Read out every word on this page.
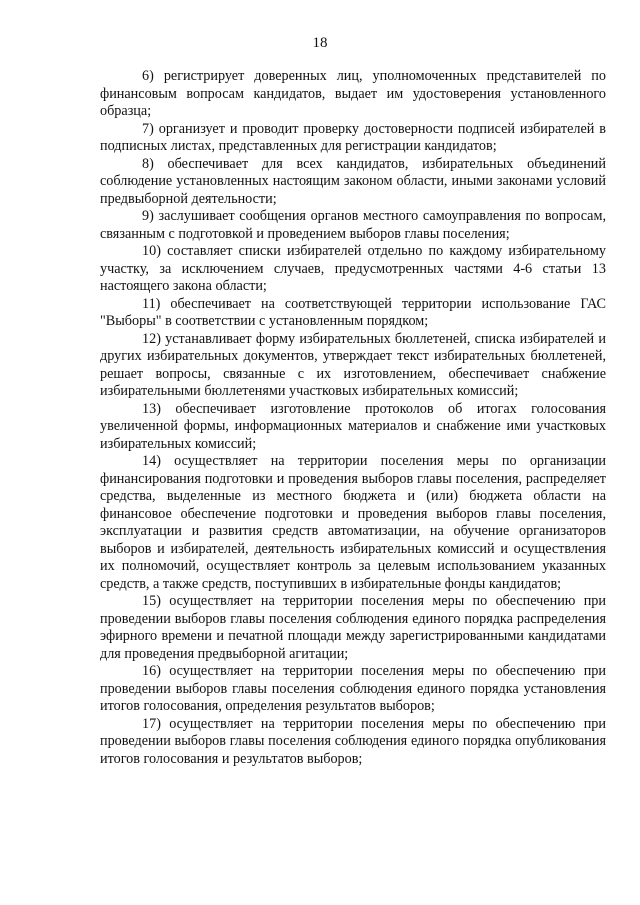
18

6) регистрирует доверенных лиц, уполномоченных представителей по финансовым вопросам кандидатов, выдает им удостоверения установленного образца;

7) организует и проводит проверку достоверности подписей избирателей в подписных листах, представленных для регистрации кандидатов;

8) обеспечивает для всех кандидатов, избирательных объединений соблюдение установленных настоящим законом области, иными законами условий предвыборной деятельности;

9) заслушивает сообщения органов местного самоуправления по вопросам, связанным с подготовкой и проведением выборов главы поселения;

10) составляет списки избирателей отдельно по каждому избирательному участку, за исключением случаев, предусмотренных частями 4-6 статьи 13 настоящего закона области;

11) обеспечивает на соответствующей территории использование ГАС "Выборы" в соответствии с установленным порядком;

12) устанавливает форму избирательных бюллетеней, списка избирателей и других избирательных документов, утверждает текст избирательных бюллетеней, решает вопросы, связанные с их изготовлением, обеспечивает снабжение избирательными бюллетенями участковых избирательных комиссий;

13) обеспечивает изготовление протоколов об итогах голосования увеличенной формы, информационных материалов и снабжение ими участковых избирательных комиссий;

14) осуществляет на территории поселения меры по организации финансирования подготовки и проведения выборов главы поселения, распределяет средства, выделенные из местного бюджета и (или) бюджета области на финансовое обеспечение подготовки и проведения выборов главы поселения, эксплуатации и развития средств автоматизации, на обучение организаторов выборов и избирателей, деятельность избирательных комиссий и осуществления их полномочий, осуществляет контроль за целевым использованием указанных средств, а также средств, поступивших в избирательные фонды кандидатов;

15) осуществляет на территории поселения меры по обеспечению при проведении выборов главы поселения соблюдения единого порядка распределения эфирного времени и печатной площади между зарегистрированными кандидатами для проведения предвыборной агитации;

16) осуществляет на территории поселения меры по обеспечению при проведении выборов главы поселения соблюдения единого порядка установления итогов голосования, определения результатов выборов;

17) осуществляет на территории поселения меры по обеспечению при проведении выборов главы поселения соблюдения единого порядка опубликования итогов голосования и результатов выборов;
